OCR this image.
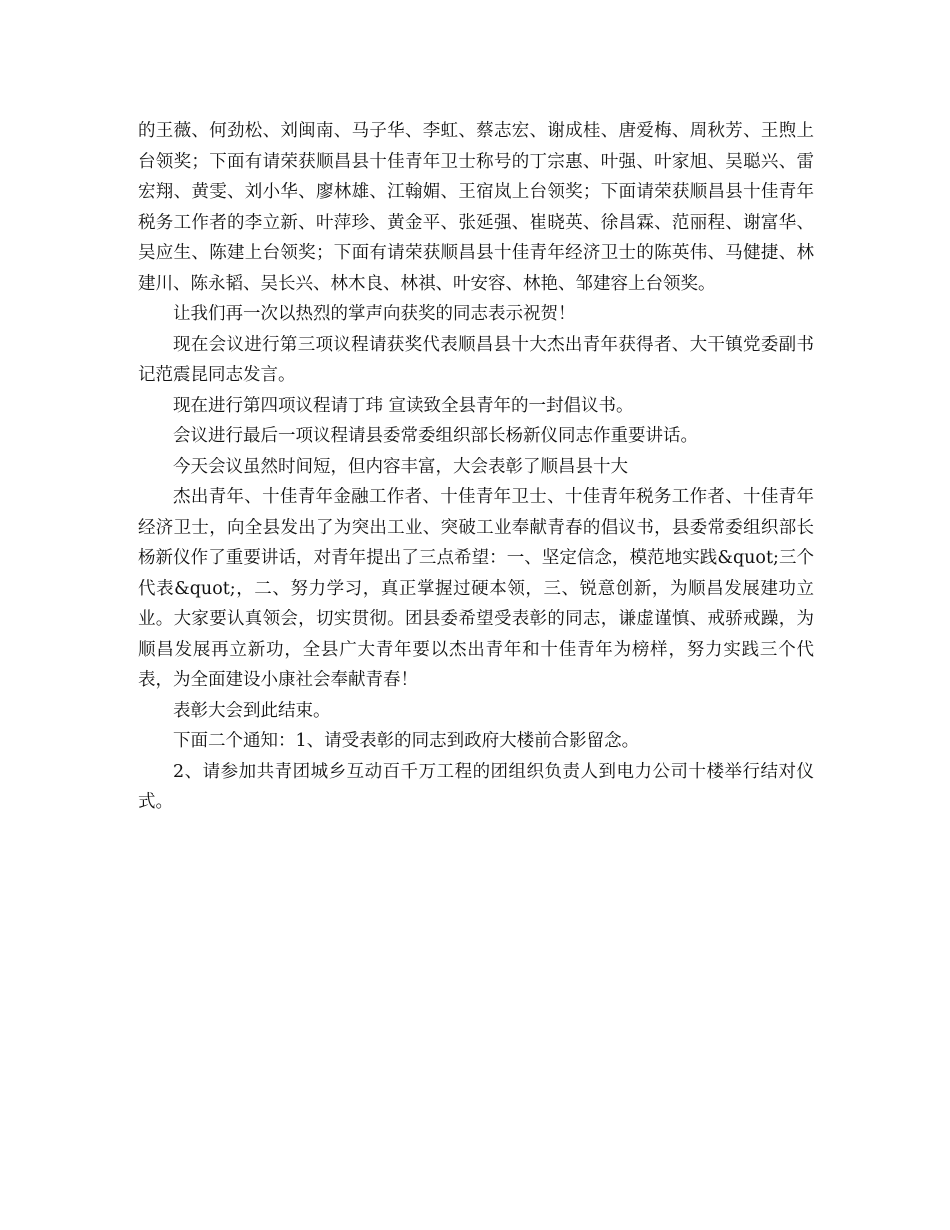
的王薇、何劲松、刘闽南、马子华、李虹、蔡志宏、谢成桂、唐爱梅、周秋芳、王煦上台领奖；下面有请荣获顺昌县十佳青年卫士称号的丁宗惠、叶强、叶家旭、吴聪兴、雷宏翔、黄雯、刘小华、廖林雄、江翰媚、王宿岚上台领奖；下面请荣获顺昌县十佳青年税务工作者的李立新、叶萍珍、黄金平、张延强、崔晓英、徐昌霖、范丽程、谢富华、吴应生、陈建上台领奖；下面有请荣获顺昌县十佳青年经济卫士的陈英伟、马健捷、林建川、陈永韬、吴长兴、林木良、林祺、叶安容、林艳、邹建容上台领奖。

让我们再一次以热烈的掌声向获奖的同志表示祝贺！

现在会议进行第三项议程请获奖代表顺昌县十大杰出青年获得者、大干镇党委副书记范震昆同志发言。

现在进行第四项议程请丁玮 宣读致全县青年的一封倡议书。

会议进行最后一项议程请县委常委组织部长杨新仪同志作重要讲话。

今天会议虽然时间短，但内容丰富，大会表彰了顺昌县十大

杰出青年、十佳青年金融工作者、十佳青年卫士、十佳青年税务工作者、十佳青年经济卫士，向全县发出了为突出工业、突破工业奉献青春的倡议书，县委常委组织部长杨新仪作了重要讲话，对青年提出了三点希望：一、坚定信念，模范地实践&quot;三个代表&quot;，二、努力学习，真正掌握过硬本领，三、锐意创新，为顺昌发展建功立业。大家要认真领会，切实贯彻。团县委希望受表彰的同志，谦虚谨慎、戒骄戒躁，为顺昌发展再立新功，全县广大青年要以杰出青年和十佳青年为榜样，努力实践三个代表，为全面建设小康社会奉献青春！

表彰大会到此结束。

下面二个通知：1、请受表彰的同志到政府大楼前合影留念。

2、请参加共青团城乡互动百千万工程的团组织负责人到电力公司十楼举行结对仪式。
